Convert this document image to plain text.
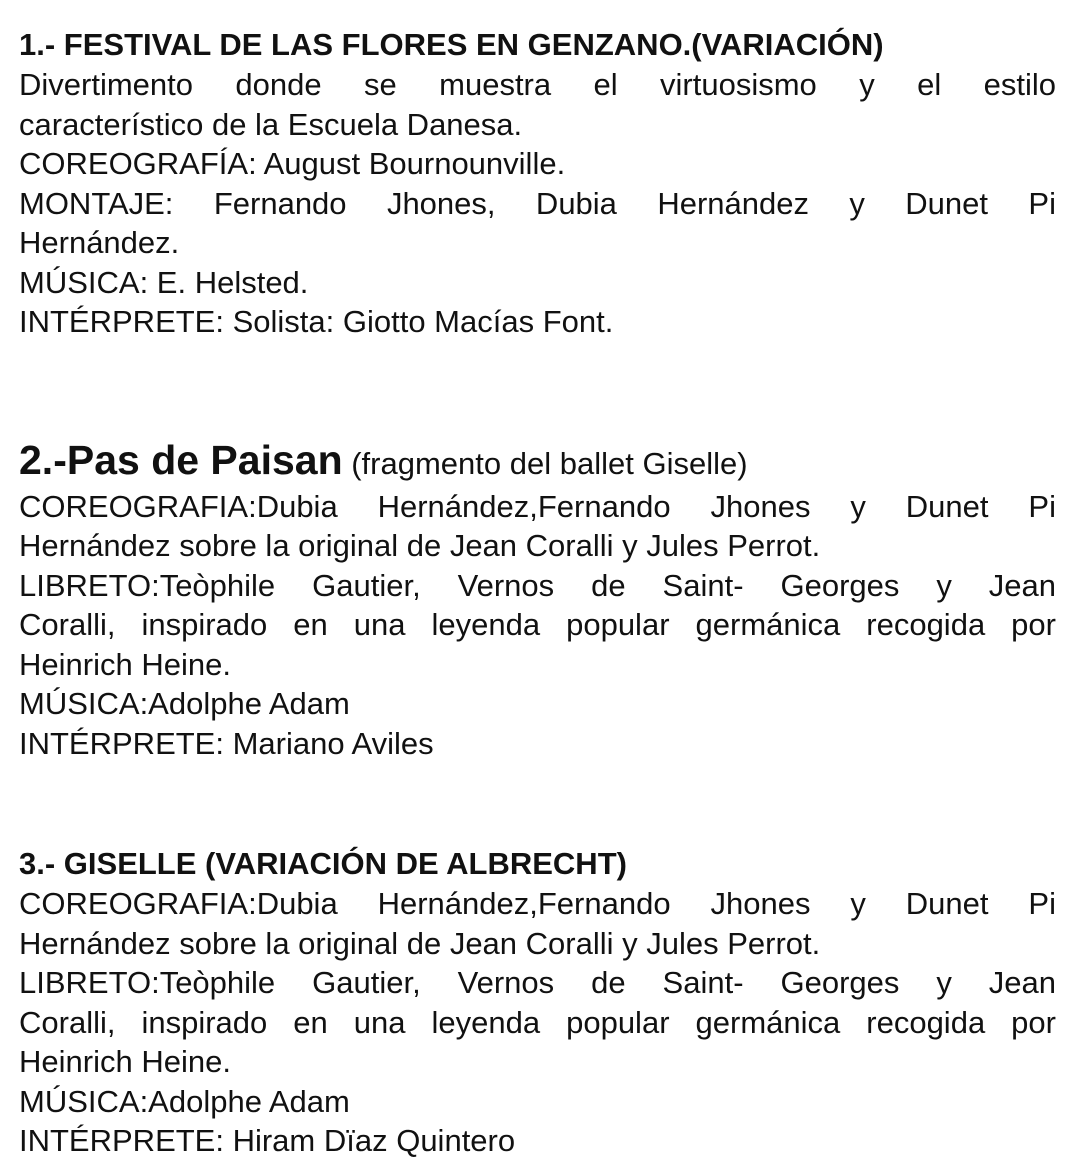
1.- FESTIVAL DE LAS FLORES EN GENZANO.(VARIACIÓN)

Divertimento donde se muestra el virtuosismo y el estilo

característico de la Escuela Danesa.

COREOGRAFÍA: August Bournounville.

MONTAJE: Fernando Jhones, Dubia Hernández y Dunet Pi

Hernández.

MÚSICA: E. Helsted.

INTÉRPRETE: Solista: Giotto Macías Font.

2.-Pas de Paisan (fragmento del ballet Giselle)

COREOGRAFIA:Dubia Hernández,Fernando Jhones y Dunet Pi

Hernández sobre la original de Jean Coralli y Jules Perrot.

LIBRETO:Teòphile Gautier, Vernos de Saint- Georges y Jean

Coralli, inspirado en una leyenda popular germánica recogida por

Heinrich Heine.

MÚSICA:Adolphe Adam

INTÉRPRETE: Mariano Aviles

3.- GISELLE (VARIACIÓN DE ALBRECHT)

COREOGRAFIA:Dubia Hernández,Fernando Jhones y Dunet Pi

Hernández sobre la original de Jean Coralli y Jules Perrot.

LIBRETO:Teòphile Gautier, Vernos de Saint- Georges y Jean

Coralli, inspirado en una leyenda popular germánica recogida por

Heinrich Heine.

MÚSICA:Adolphe Adam

INTÉRPRETE: Hiram Dïaz Quintero
